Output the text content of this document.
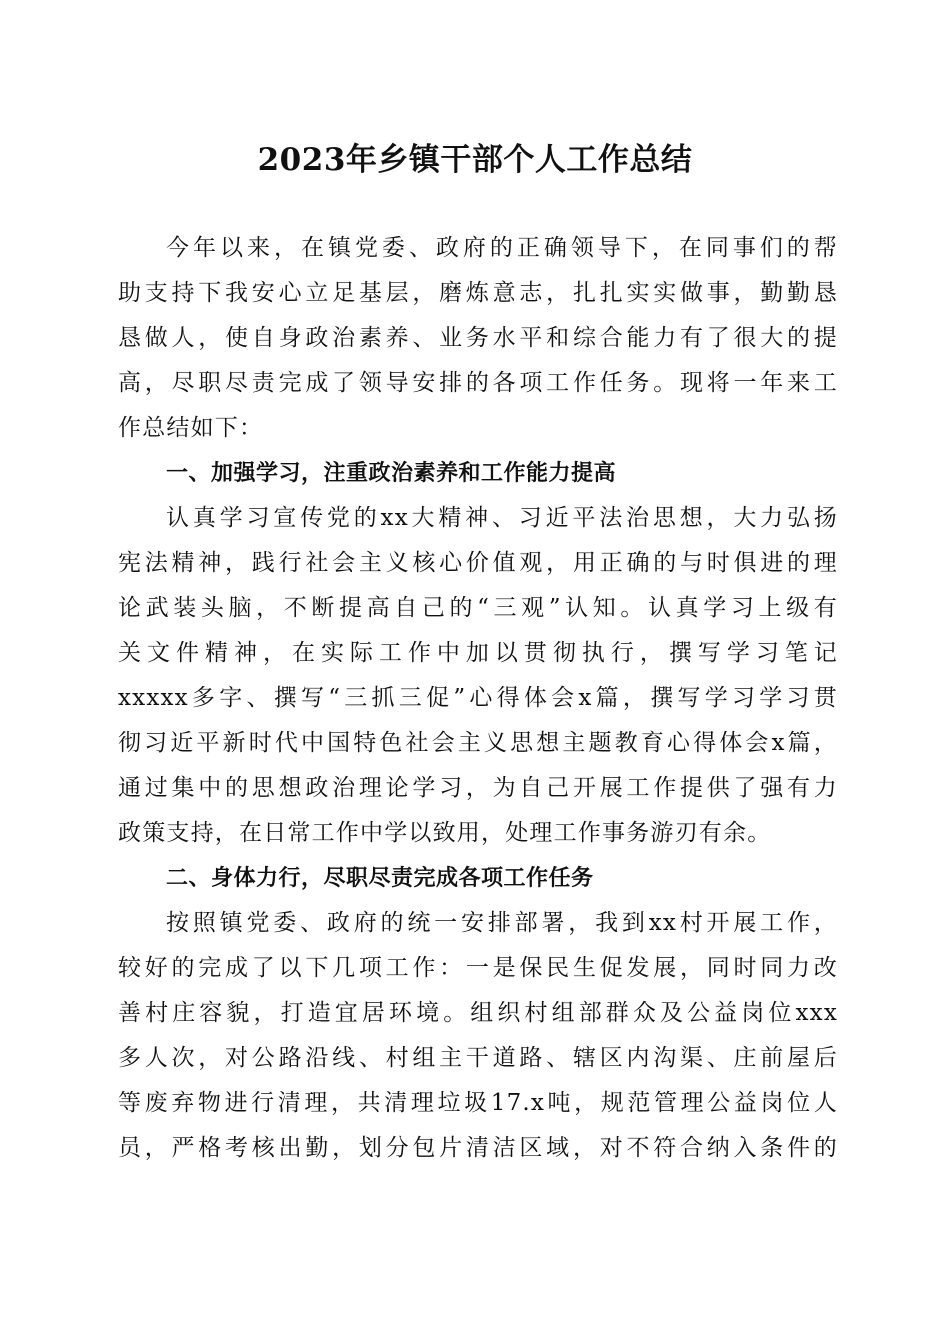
2023年乡镇干部个人工作总结
今年以来，在镇党委、政府的正确领导下，在同事们的帮
助支持下我安心立足基层，磨炼意志，扎扎实实做事，勤勤恳
恳做人，使自身政治素养、业务水平和综合能力有了很大的提
高，尽职尽责完成了领导安排的各项工作任务。现将一年来工
作总结如下：
一、加强学习，注重政治素养和工作能力提高
认真学习宣传党的xx大精神、习近平法治思想，大力弘扬
宪法精神，践行社会主义核心价值观，用正确的与时俱进的理
论武装头脑，不断提高自己的“三观”认知。认真学习上级有
关文件精神，在实际工作中加以贯彻执行，撰写学习笔记
xxxxx多字、撰写“三抓三促”心得体会x篇，撰写学习学习贯
彻习近平新时代中国特色社会主义思想主题教育心得体会x篇，
通过集中的思想政治理论学习，为自己开展工作提供了强有力
政策支持，在日常工作中学以致用，处理工作事务游刃有余。
二、身体力行，尽职尽责完成各项工作任务
按照镇党委、政府的统一安排部署，我到xx村开展工作，
较好的完成了以下几项工作：一是保民生促发展，同时同力改
善村庄容貌，打造宜居环境。组织村组部群众及公益岗位xxx
多人次，对公路沿线、村组主干道路、辖区内沟渠、庄前屋后
等废弃物进行清理，共清理垃圾17.x吨，规范管理公益岗位人
员，严格考核出勤，划分包片清洁区域，对不符合纳入条件的
